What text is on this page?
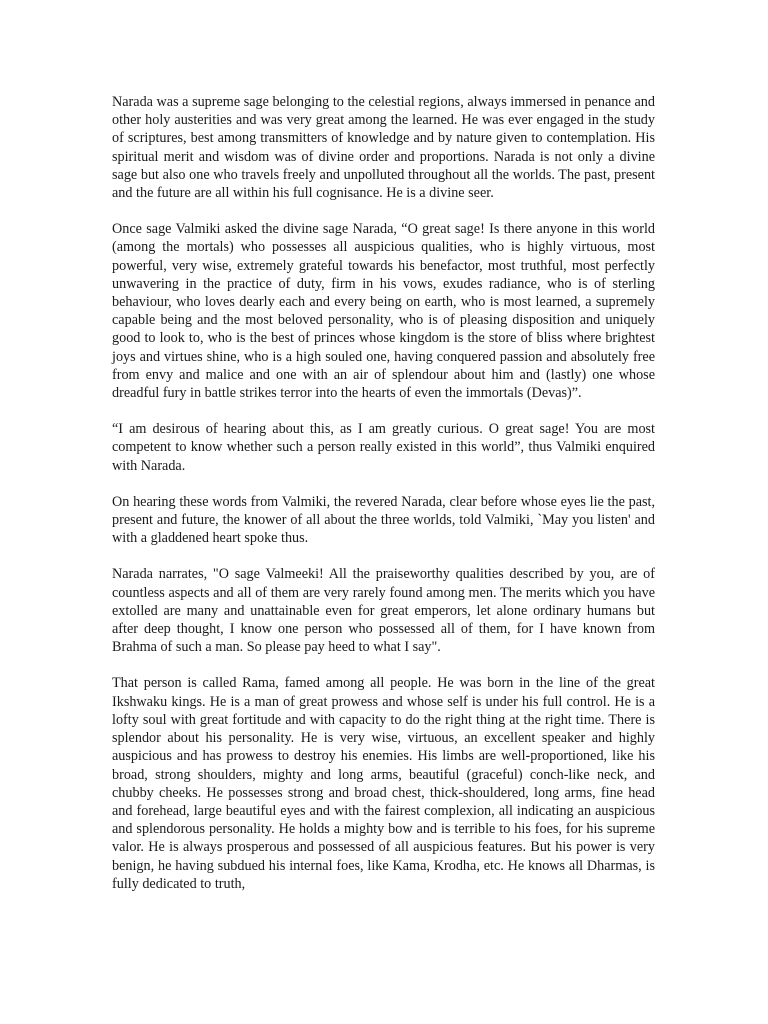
Narada was a supreme sage belonging to the celestial regions, always immersed in penance and other holy austerities and was very great among the learned. He was ever engaged in the study of scriptures, best among transmitters of knowledge and by nature given to contemplation. His spiritual merit and wisdom was of divine order and proportions. Narada is not only a divine sage but also one who travels freely and unpolluted throughout all the worlds. The past, present and the future are all within his full cognisance. He is a divine seer.

Once sage Valmiki asked the divine sage Narada, “O great sage! Is there anyone in this world (among the mortals) who possesses all auspicious qualities, who is highly virtuous, most powerful, very wise, extremely grateful towards his benefactor, most truthful, most perfectly unwavering in the practice of duty, firm in his vows, exudes radiance, who is of sterling behaviour, who loves dearly each and every being on earth, who is most learned, a supremely capable being and the most beloved personality, who is of pleasing disposition and uniquely good to look to, who is the best of princes whose kingdom is the store of bliss where brightest joys and virtues shine, who is a high souled one, having conquered passion and absolutely free from envy and malice and one with an air of splendour about him and (lastly) one whose dreadful fury in battle strikes terror into the hearts of even the immortals (Devas)”.

“I am desirous of hearing about this, as I am greatly curious. O great sage! You are most competent to know whether such a person really existed in this world”, thus Valmiki enquired with Narada.

On hearing these words from Valmiki, the revered Narada, clear before whose eyes lie the past, present and future, the knower of all about the three worlds, told Valmiki, `May you listen' and with a gladdened heart spoke thus.

Narada narrates, "O sage Valmeeki! All the praiseworthy qualities described by you, are of countless aspects and all of them are very rarely found among men. The merits which you have extolled are many and unattainable even for great emperors, let alone ordinary humans but after deep thought, I know one person who possessed all of them, for I have known from Brahma of such a man. So please pay heed to what I say".

That person is called Rama, famed among all people. He was born in the line of the great Ikshwaku kings. He is a man of great prowess and whose self is under his full control. He is a lofty soul with great fortitude and with capacity to do the right thing at the right time. There is splendor about his personality. He is very wise, virtuous, an excellent speaker and highly auspicious and has prowess to destroy his enemies. His limbs are well-proportioned, like his broad, strong shoulders, mighty and long arms, beautiful (graceful) conch-like neck, and chubby cheeks. He possesses strong and broad chest, thick-shouldered, long arms, fine head and forehead, large beautiful eyes and with the fairest complexion, all indicating an auspicious and splendorous personality. He holds a mighty bow and is terrible to his foes, for his supreme valor. He is always prosperous and possessed of all auspicious features. But his power is very benign, he having subdued his internal foes, like Kama, Krodha, etc. He knows all Dharmas, is fully dedicated to truth,
